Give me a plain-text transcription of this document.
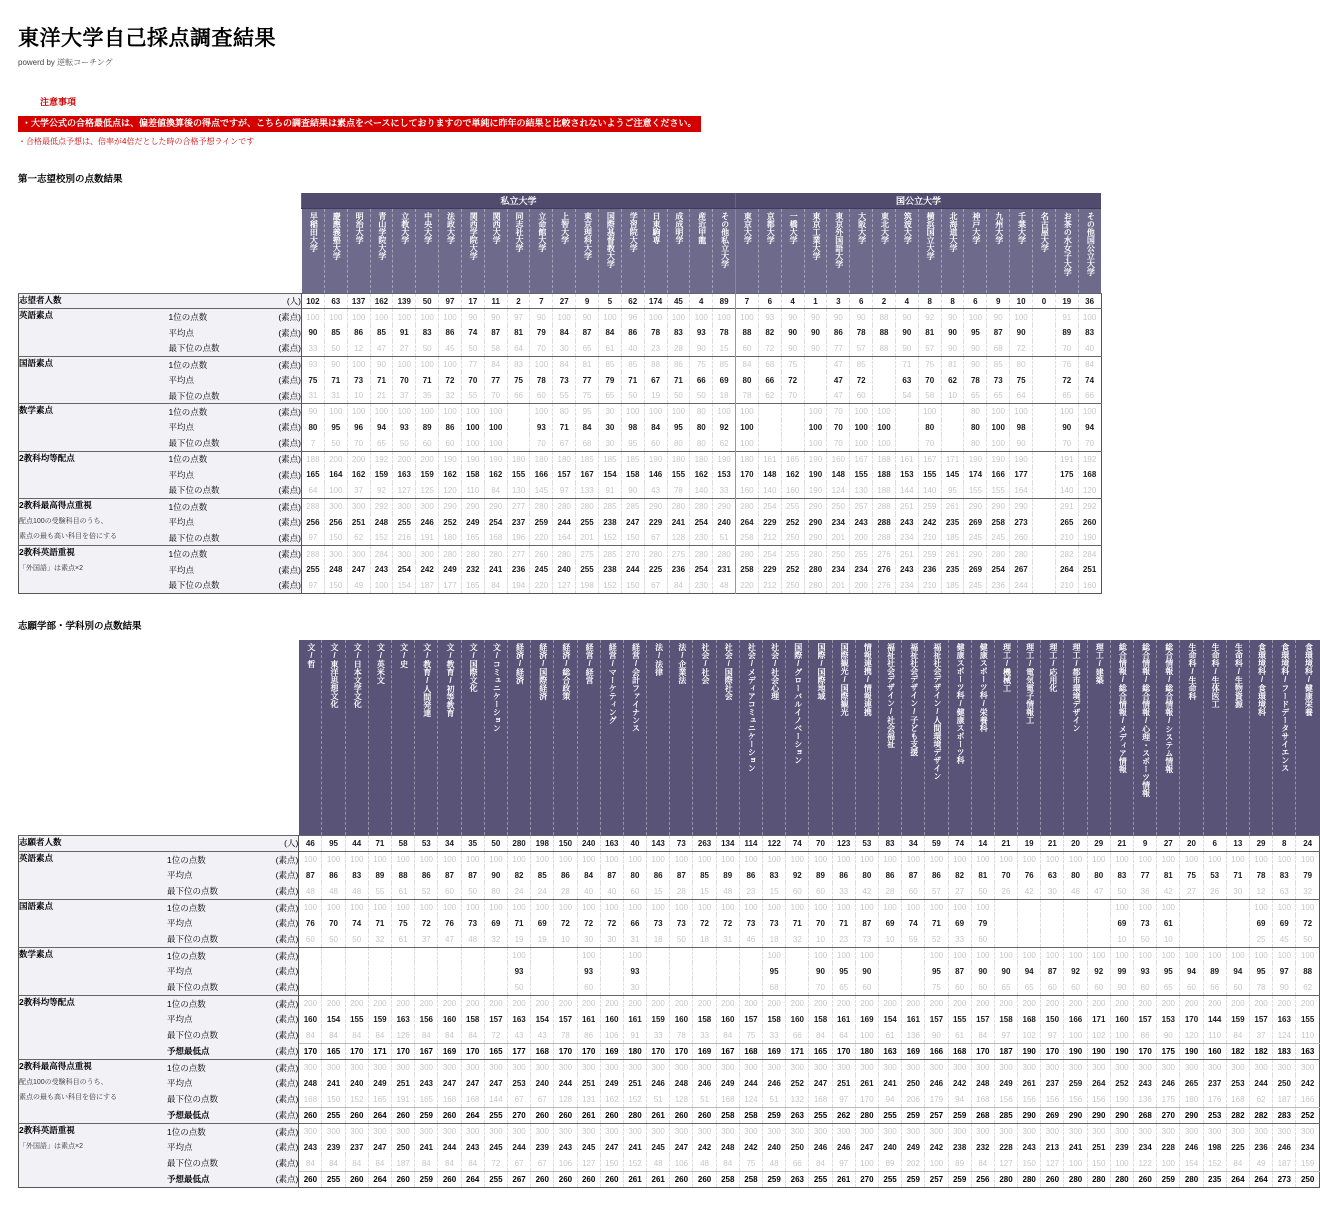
東洋大学自己採点調査結果
powerd by 逆転コーチング
注意事項
・大学公式の合格最低点は、偏差値換算後の得点ですが、こちらの調査結果は素点をベースにしておりますので単純に昨年の結果と比較されないようご注意ください。
・合格最低点予想は、倍率が4倍だとした時の合格予想ラインです
第一志望校別の点数結果
			私立大学																			国公立大学															

			早稲田大学	慶應義塾大学	明治大学	青山学院大学	立教大学	中央大学	法政大学	関西学院大学	関西大学	同志社大学	立命館大学	上智大学	東京理科大学	国際基督教大学	学習院大学	日東駒専	成成明学	産近甲龍	その他私立大学	東京大学	京都大学	一橋大学	東京工業大学	東京外国語大学	大阪大学	東北大学	筑波大学	横浜国立大学	北海道大学	神戸大学	九州大学	千葉大学	名古屋大学	お茶の水女子大学	その他国公立大学

志望者人数		(人)	102	63	137	162	139	50	97	17	11	2	7	27	9	5	62	174	45	4	89	7	6	4	1	3	6	2	4	8	8	6	9	10	0	19	36

英語素点	1位の点数	(素点)	100	100	100	100	100	100	100	90	90	97	90	100	90	100	96	100	100	100	100	100	93	90	90	90	90	88	90	92	90	100	90	100		91	100
	平均点	(素点)	90	85	86	85	91	83	86	74	87	81	79	84	87	84	86	78	83	93	78	88	82	90	90	86	78	88	90	81	90	95	87	90		89	83
	最下位の点数	(素点)	33	50	12	47	27	50	45	50	58	64	70	30	65	61	40	23	28	90	15	60	72	90	90	77	57	88	90	57	90	90	68	72		70	40

国語素点	1位の点数	(素点)	93	90	100	90	100	100	100	77	84	83	100	84	81	85	85	88	86	75	85	84	68	75		47	85		71	75	81	90	85	80		76	84
	平均点	(素点)	75	71	73	71	70	71	72	70	77	75	78	73	77	79	71	67	71	66	69	80	66	72		47	72		63	70	62	78	73	75		72	74
	最下位の点数	(素点)	31	31	10	21	37	35	32	55	70	66	60	55	75	65	50	19	50	50	18	78	62	70		47	60		54	58	10	65	65	64		65	66

数学素点	1位の点数	(素点)	90	100	100	100	100	100	100	100	100		100	80	95	30	100	100	100	80	100	100			100	70	100	100		100		80	100	100		100	100
	平均点	(素点)	80	95	96	94	93	89	86	100	100		93	71	84	30	98	84	95	80	92	100			100	70	100	100		80		80	100	98		90	94
	最下位の点数	(素点)	7	50	70	65	50	60	60	100	100		70	67	68	30	95	60	80	80	62	100			100	70	100	100		70		80	100	90		70	70

2教科均等配点	1位の点数	(素点)	188	200	200	192	200	200	190	190	190	180	180	180	185	185	185	190	180	180	190	180	161	165	190	160	167	188	161	167	171	190	190	190		191	192
	平均点	(素点)	165	164	162	159	163	159	162	158	162	155	166	157	167	154	158	146	155	162	153	170	148	162	190	148	155	188	153	155	145	174	166	177		175	168
	最下位の点数	(素点)	64	100	37	92	127	125	120	110	84	130	145	97	133	91	90	43	78	140	33	160	140	160	190	124	130	188	144	140	95	155	155	164		140	120

2教科最高得点重視
配点100の受験科目のうち、
素点の最も高い科目を倍にする	1位の点数	(素点)	288	300	300	292	300	300	290	290	290	277	280	280	280	285	285	290	280	280	290	280	254	255	290	250	257	288	251	259	261	290	290	290		291	292
	平均点	(素点)	256	256	251	248	255	246	252	249	254	237	259	244	255	238	247	229	241	254	240	264	229	252	290	234	243	288	243	242	235	269	258	273		265	260
	最下位の点数	(素点)	97	150	62	152	216	191	180	165	168	196	220	164	201	152	150	67	128	230	51	258	212	250	290	201	200	288	234	210	185	245	245	260		210	190

2教科英語重視
「外国語」は素点×2	1位の点数	(素点)	288	300	300	284	300	300	280	280	280	277	260	280	275	285	270	280	275	280	280	280	254	255	280	250	255	276	251	259	261	290	280	280		282	284
	平均点	(素点)	255	248	247	243	254	242	249	232	241	236	245	240	255	238	244	225	236	254	231	258	229	252	280	234	234	276	243	236	235	269	254	267		264	251
	最下位の点数	(素点)	97	150	49	100	154	187	177	165	84	194	220	127	198	152	150	67	84	230	48	220	212	250	280	201	200	276	234	210	185	245	236	244		210	160
志願学部・学科別の点数結果

			文/哲	文/東洋思想文化	文/日本文学文化	文/英米文	文/史	文/教育/人間発達	文/教育/初等教育	文/国際文化	文/コミュニケーション	経済/経済	経済/国際経済	経済/総合政策	経営/経営	経営/マーケティング	経営/会計ファイナンス	法/法律	法/企業法	社会/社会	社会/国際社会	社会/メディアコミュニケーション	社会/社会心理	国際/グローバルイノベーション	国際/国際地域	国際観光/国際観光	情報連携/情報連携	福祉社会デザイン/社会福祉	福祉社会デザイン/子ども支援	福祉社会デザイン/人間環境デザイン	健康スポーツ科/健康スポーツ科	健康スポーツ科/栄養科	理工/機械工	理工/電気電子情報工	理工/応用化	理工/都市環境デザイン	理工/建築	総合情報/総合情報/メディア情報	総合情報/総合情報/心理・スポーツ情報	総合情報/総合情報/システム情報	生命科/生命科	生命科/生体医工	生命科/生物資源	食環境科/食環境科	食環境科/フードデータサイエンス	食環境科/健康栄養

志願者人数		(人)	46	95	44	71	58	53	34	35	50	280	198	150	240	163	40	143	73	263	134	114	122	74	70	123	53	83	34	59	74	14	21	19	21	20	29	21	9	27	20	6	13	29	8	24

英語素点	1位の点数	(素点)	100	100	100	100	100	100	100	100	100	100	100	100	100	100	100	100	100	100	100	100	100	100	100	100	100	100	100	100	100	100	100	100	100	100	100	100	100	100	100	100	100	100	100	100
	平均点	(素点)	87	86	83	89	88	86	87	87	90	82	85	86	84	87	80	86	87	85	89	86	83	92	89	86	80	86	87	86	82	81	70	76	63	80	80	83	77	81	75	53	71	78	83	79
	最下位の点数	(素点)	48	48	48	55	61	52	60	50	80	24	24	28	40	40	60	15	28	15	48	23	15	60	60	33	42	28	60	57	27	50	26	42	30	48	47	50	36	42	27	26	30	12	63	32

国語素点	1位の点数	(素点)	100	100	100	100	100	100	100	100	100	100	100	100	100	100	100	100	100	100	100	100	100	100	100	100	100	100	100	100	100	100						100	100	100				100	100	100
	平均点	(素点)	76	70	74	71	75	72	76	73	69	71	69	72	72	72	66	73	73	72	72	73	73	71	70	71	87	69	74	71	69	79						69	73	61				69	69	72
	最下位の点数	(素点)	60	50	50	32	61	37	47	48	32	19	19	10	30	30	31	18	50	18	31	46	18	32	10	23	73	10	59	52	33	60						10	50	10				25	45	50

数学素点	1位の点数	(素点)										100			100		100						100		100	100	100			100	100	100	100	100	100	100	100	100	100	100	100	100	100	100	100	100
	平均点	(素点)										93			93		93						95		90	95	90			95	87	90	90	94	87	92	92	99	93	95	94	89	94	95	97	88
	最下位の点数	(素点)										50			60		30						68		70	65	60			75	60	60	65	65	60	60	60	90	80	65	60	66	60	78	90	62

2教科均等配点	1位の点数	(素点)	200	200	200	200	200	200	200	200	200	200	200	200	200	200	200	200	200	200	200	200	200	200	200	200	200	200	200	200	200	200	200	200	200	200	200	200	200	200	200	200	200	200	200	200
	平均点	(素点)	160	154	155	159	163	156	160	158	157	163	154	157	161	160	161	159	160	158	160	157	158	160	158	161	169	154	161	157	155	157	158	168	150	166	171	160	157	153	170	144	159	157	163	155
	最下位の点数	(素点)	84	84	84	84	126	84	84	84	72	43	43	78	86	106	91	33	78	33	84	75	33	66	84	64	100	61	136	90	61	84	97	102	97	100	102	100	86	90	120	110	84	37	124	110
	予想最低点	(素点)	170	165	170	171	170	167	169	170	165	177	168	170	170	169	180	170	170	169	167	168	169	171	165	170	180	163	169	166	168	170	187	190	170	190	190	190	170	175	190	160	182	182	183	163

2教科最高得点重視
配点100の受験科目のうち、
素点の最も高い科目を倍にする	1位の点数	(素点)	300	300	300	300	300	300	300	300	300	300	300	300	300	300	300	300	300	300	300	300	300	300	300	300	300	300	300	300	300	300	300	300	300	300	300	300	300	300	300	300	300	300	300	300
	平均点	(素点)	248	241	240	249	251	243	247	247	247	253	240	244	251	249	251	246	248	246	249	244	246	252	247	251	261	241	250	246	242	248	249	261	237	259	264	252	243	246	265	237	253	244	250	242
	最下位の点数	(素点)	168	150	152	165	191	165	168	168	144	67	67	128	131	162	152	51	128	51	168	124	51	132	168	97	170	94	206	179	94	168	156	156	156	156	156	190	136	175	180	176	168	62	187	166
	予想最低点	(素点)	260	255	260	264	260	259	260	264	255	270	260	260	261	260	280	261	260	260	258	258	259	263	255	262	280	255	259	257	259	268	285	290	269	290	290	290	268	270	290	253	282	282	283	252

2教科英語重視
「外国語」は素点×2	1位の点数	(素点)	300	300	300	300	300	300	300	300	300	300	300	300	300	300	300	300	300	300	300	300	300	300	300	300	300	300	300	300	300	300	300	300	300	300	300	300	300	300	300	300	300	300	300	300
	平均点	(素点)	243	239	237	247	250	241	244	243	245	244	239	243	245	247	241	245	247	242	248	242	240	250	246	246	247	240	249	242	238	232	228	243	213	241	251	239	234	228	246	198	225	236	246	234
	最下位の点数	(素点)	84	84	84	84	187	84	84	84	72	67	67	106	127	150	152	48	106	48	84	75	48	66	84	97	100	89	202	100	89	84	127	150	127	100	150	100	122	100	154	152	84	49	187	159
	予想最低点	(素点)	260	255	260	264	260	259	260	264	255	267	260	260	260	260	261	261	260	260	258	258	259	263	255	261	270	255	259	257	259	256	280	280	260	280	280	280	260	259	280	235	264	264	273	250
